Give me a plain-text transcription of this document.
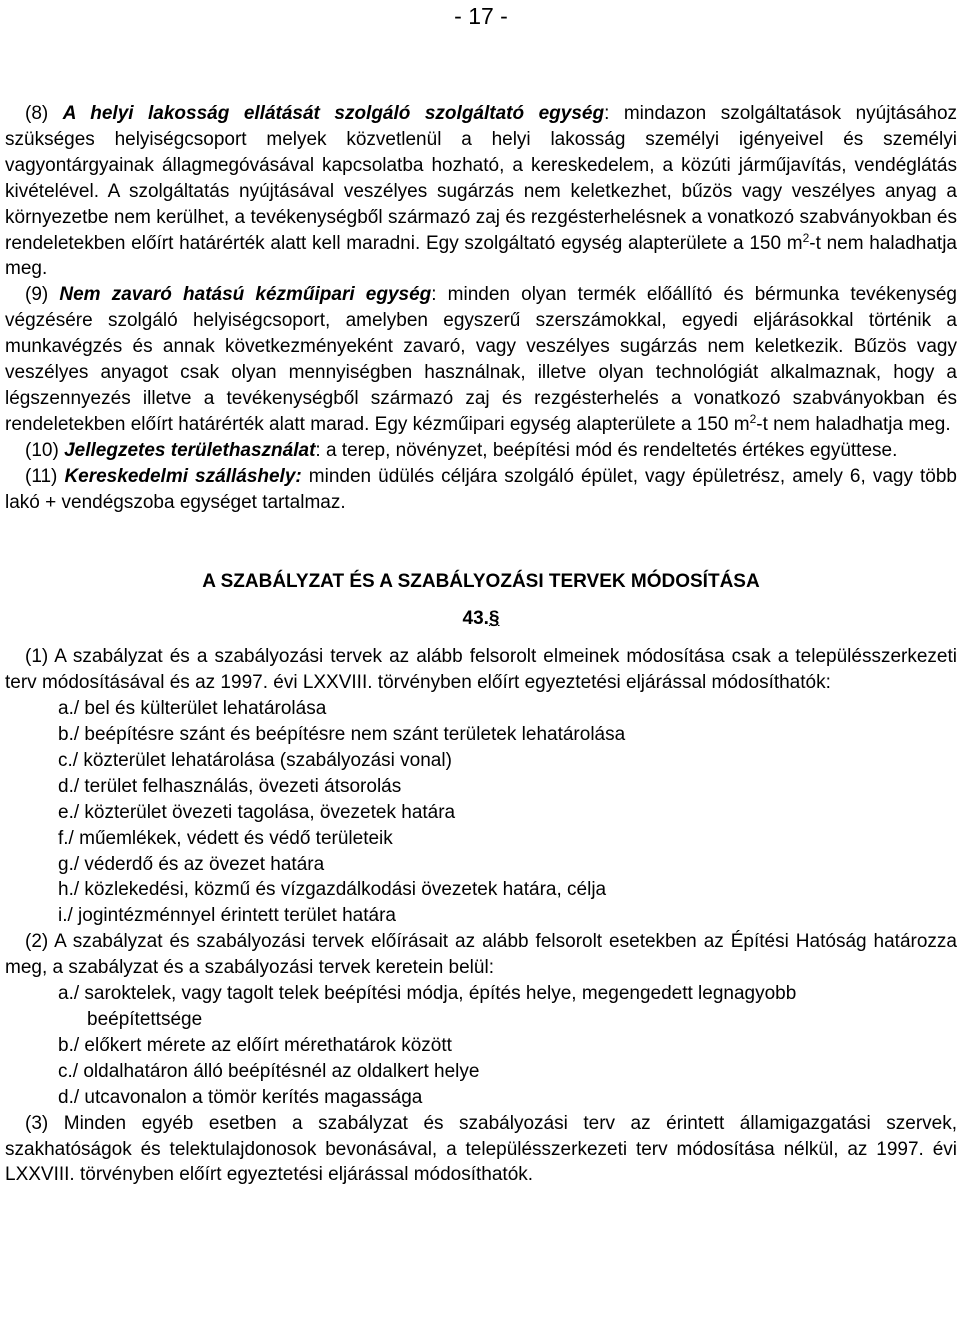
- 17 -

(8) A helyi lakosság ellátását szolgáló szolgáltató egység: mindazon szolgáltatások nyújtásához szükséges helyiségcsoport melyek közvetlenül a helyi lakosság személyi igényeivel és személyi vagyontárgyainak állagmegóvásával kapcsolatba hozható, a kereskedelem, a közúti járműjavítás, vendéglátás kivételével. A szolgáltatás nyújtásával veszélyes sugárzás nem keletkezhet, bűzös vagy veszélyes anyag a környezetbe nem kerülhet, a tevékenységből származó zaj és rezgésterhelésnek a vonatkozó szabványokban és rendeletekben előírt határérték alatt kell maradni. Egy szolgáltató egység alapterülete a 150 $m^2-t$ nem haladhatja meg.

(9) Nem zavaró hatású kézműipari egység: minden olyan termék előállító és bérmunka tevékenység végzésére szolgáló helyiségcsoport, amelyben egyszerű szerszámokkal, egyedi eljárásokkal történik a munkavégzés és annak következményeként zavaró, vagy veszélyes sugárzás nem keletkezik. Bűzös vagy veszélyes anyagot csak olyan mennyiségben használnak, illetve olyan technológiát alkalmaznak, hogy a légszennyezés illetve a tevékenységből származó zaj és rezgésterhelés a vonatkozó szabványokban és rendeletekben előírt határérték alatt marad. Egy kézműipari egység alapterülete a 150 $m^2-t$ nem haladhatja meg.

(10) Jellegzetes területhasználat: a terep, növényzet, beépítési mód és rendeltetés értékes együttese.

(11) Kereskedelmi szálláshely: minden üdülés céljára szolgáló épület, vagy épületrész, amely 6, vagy több lakó + vendégszoba egységet tartalmaz.

A SZABÁLYZAT ÉS A SZABÁLYOZÁSI TERVEK MÓDOSÍTÁSA
43.§

(1) A szabályzat és a szabályozási tervek az alább felsorolt elmeinek módosítása csak a településszerkezeti terv módosításával és az 1997. évi LXXVIII. törvényben előírt egyeztetési eljárással módosíthatók:

a./ bel és külterület lehatárolása
b./ beépítésre szánt és beépítésre nem szánt területek lehatárolása
c./ közterület lehatárolása (szabályozási vonal)
d./ terület felhasználás, övezeti átsorolás
e./ közterület övezeti tagolása, övezetek határa
f./ műemlékek, védett és védő területeik
g./ véderdő és az övezet határa
h./ közlekedési, közmű és vízgazdálkodási övezetek határa, célja
i./ jogintézménnyel érintett terület határa

(2) A szabályzat és szabályozási tervek előírásait az alább felsorolt esetekben az Építési Hatóság határozza meg, a szabályzat és a szabályozási tervek keretein belül:

a./ saroktelek, vagy tagolt telek beépítési módja, építés helye, megengedett legnagyobb
beépítettsége
b./ előkert mérete az előírt mérethatárok között
c./ oldalhatáron álló beépítésnél az oldalkert helye
d./ utcavonalon a tömör kerítés magassága

(3) Minden egyéb esetben a szabályzat és szabályozási terv az érintett államigazgatási szervek, szakhatóságok és telektulajdonosok bevonásával, a településszerkezeti terv módosítása nélkül, az 1997. évi LXXVIII. törvényben előírt egyeztetési eljárással módosíthatók.
